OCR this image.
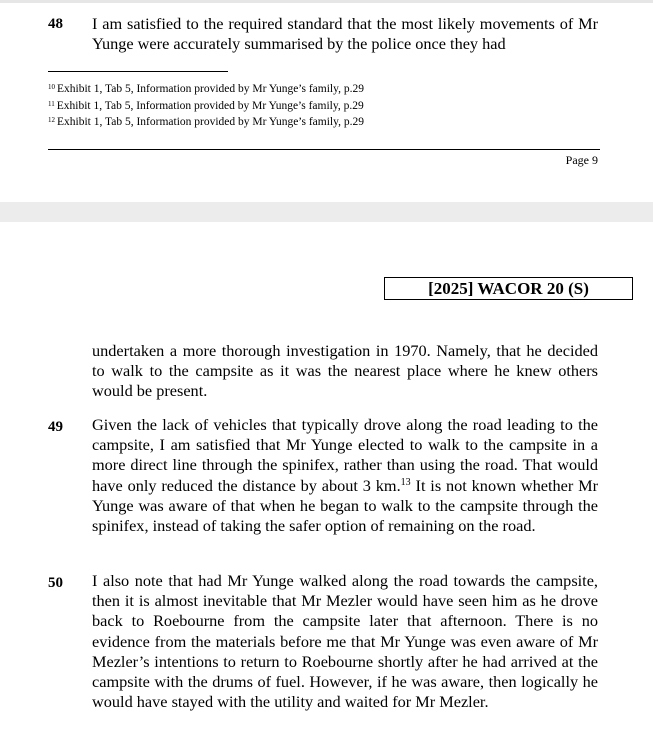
48 I am satisfied to the required standard that the most likely movements of Mr Yunge were accurately summarised by the police once they had
$^{10}$ Exhibit 1, Tab 5, Information provided by Mr Yunge’s family, p.29
$^{11}$ Exhibit 1, Tab 5, Information provided by Mr Yunge’s family, p.29
$^{12}$ Exhibit 1, Tab 5, Information provided by Mr Yunge’s family, p.29
Page 9
[2025] WACOR 20 (S)
undertaken a more thorough investigation in 1970. Namely, that he decided to walk to the campsite as it was the nearest place where he knew others would be present.
49 Given the lack of vehicles that typically drove along the road leading to the campsite, I am satisfied that Mr Yunge elected to walk to the campsite in a more direct line through the spinifex, rather than using the road. That would have only reduced the distance by about 3 km.$^{13}$ It is not known whether Mr Yunge was aware of that when he began to walk to the campsite through the spinifex, instead of taking the safer option of remaining on the road.
50 I also note that had Mr Yunge walked along the road towards the campsite, then it is almost inevitable that Mr Mezler would have seen him as he drove back to Roebourne from the campsite later that afternoon. There is no evidence from the materials before me that Mr Yunge was even aware of Mr Mezler’s intentions to return to Roebourne shortly after he had arrived at the campsite with the drums of fuel. However, if he was aware, then logically he would have stayed with the utility and waited for Mr Mezler.
